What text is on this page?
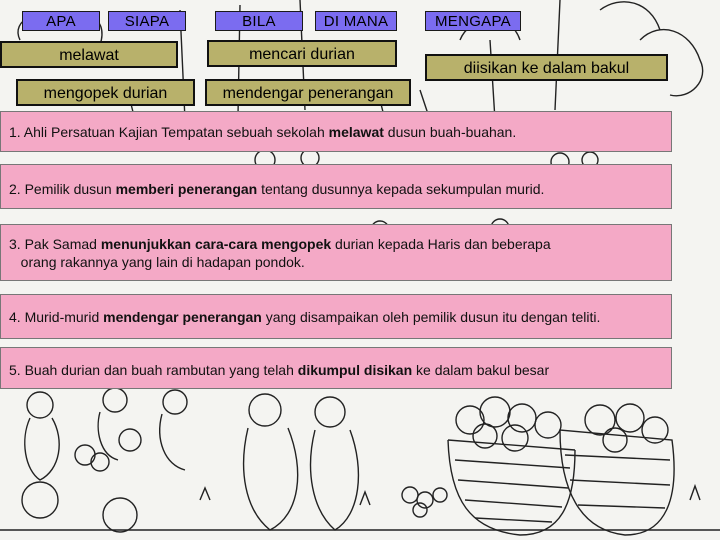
APA	SIAPA	BILA	DI MANA	MENGAPA
melawat	mencari durian
diisikan ke dalam bakul
mengopek durian	mendengar penerangan
1. Ahli Persatuan Kajian Tempatan sebuah sekolah melawat dusun buah-buahan.
2. Pemilik dusun memberi penerangan tentang dusunnya kepada sekumpulan murid.
3. Pak Samad menunjukkan cara-cara mengopek durian kepada Haris dan beberapa
orang rakannya yang lain di hadapan pondok.
4. Murid-murid mendengar penerangan yang disampaikan oleh pemilik dusun itu dengan teliti.
5. Buah durian dan buah rambutan yang telah dikumpul disikan ke dalam bakul besar
